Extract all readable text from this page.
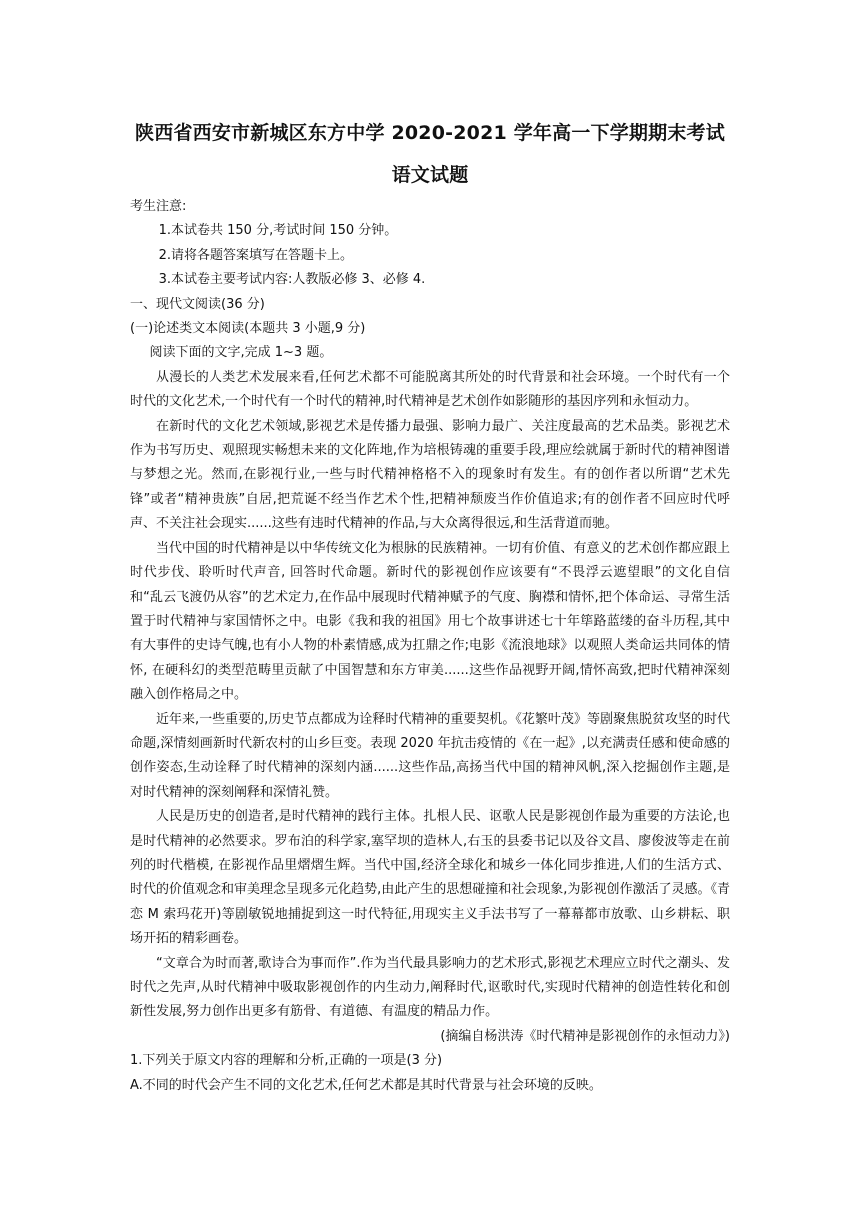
陕西省西安市新城区东方中学 2020-2021 学年高一下学期期末考试
语文试题

考生注意:

1.本试卷共 150 分,考试时间 150 分钟。

2.请将各题答案填写在答题卡上。

3.本试卷主要考试内容:人教版必修 3、必修 4.

一、现代文阅读(36 分)

(一)论述类文本阅读(本题共 3 小题,9 分)

阅读下面的文字,完成 1~3 题。

从漫长的人类艺术发展来看,任何艺术都不可能脱离其所处的时代背景和社会环境。一个时代有一个时代的文化艺术,一个时代有一个时代的精神,时代精神是艺术创作如影随形的基因序列和永恒动力。

在新时代的文化艺术领域,影视艺术是传播力最强、影响力最广、关注度最高的艺术品类。影视艺术作为书写历史、观照现实畅想未来的文化阵地,作为培根铸魂的重要手段,理应绘就属于新时代的精神图谱与梦想之光。然而,在影视行业,一些与时代精神格格不入的现象时有发生。有的创作者以所谓“艺术先锋”或者“精神贵族”自居,把荒诞不经当作艺术个性,把精神颓废当作价值追求;有的创作者不回应时代呼声、不关注社会现实......这些有违时代精神的作品,与大众离得很远,和生活背道而驰。

当代中国的时代精神是以中华传统文化为根脉的民族精神。一切有价值、有意义的艺术创作都应跟上时代步伐、聆听时代声音, 回答时代命题。新时代的影视创作应该要有“不畏浮云遮望眼”的文化自信和“乱云飞渡仍从容”的艺术定力,在作品中展现时代精神赋予的气度、胸襟和情怀,把个体命运、寻常生活置于时代精神与家国情怀之中。电影《我和我的祖国》用七个故事讲述七十年筚路蓝缕的奋斗历程,其中有大事件的史诗气魄,也有小人物的朴素情感,成为扛鼎之作;电影《流浪地球》以观照人类命运共同体的情怀, 在硬科幻的类型范畴里贡献了中国智慧和东方审美......这些作品视野开阔,情怀高致,把时代精神深刻融入创作格局之中。

近年来,一些重要的,历史节点都成为诠释时代精神的重要契机。《花繁叶茂》等剧聚焦脱贫攻坚的时代命题,深情刻画新时代新农村的山乡巨变。表现 2020 年抗击疫情的《在一起》,以充满责任感和使命感的创作姿态,生动诠释了时代精神的深刻内涵......这些作品,高扬当代中国的精神风帆,深入挖掘创作主题,是对时代精神的深刻阐释和深情礼赞。

人民是历史的创造者,是时代精神的践行主体。扎根人民、讴歌人民是影视创作最为重要的方法论,也是时代精神的必然要求。罗布泊的科学家,塞罕坝的造林人,右玉的县委书记以及谷文昌、廖俊波等走在前列的时代楷模, 在影视作品里熠熠生辉。当代中国,经济全球化和城乡一体化同步推进,人们的生活方式、时代的价值观念和审美理念呈现多元化趋势,由此产生的思想碰撞和社会现象,为影视创作激活了灵感。《青恋 M 索玛花开)等剧敏锐地捕捉到这一时代特征,用现实主义手法书写了一幕幕都市放歌、山乡耕耘、职场开拓的精彩画卷。

“文章合为时而著,歌诗合为事而作”.作为当代最具影响力的艺术形式,影视艺术理应立时代之潮头、发时代之先声,从时代精神中吸取影视创作的内生动力,阐释时代,讴歌时代,实现时代精神的创造性转化和创新性发展,努力创作出更多有筋骨、有道德、有温度的精品力作。

(摘编自杨洪涛《时代精神是影视创作的永恒动力》)

1.下列关于原文内容的理解和分析,正确的一项是(3 分)

A.不同的时代会产生不同的文化艺术,任何艺术都是其时代背景与社会环境的反映。
